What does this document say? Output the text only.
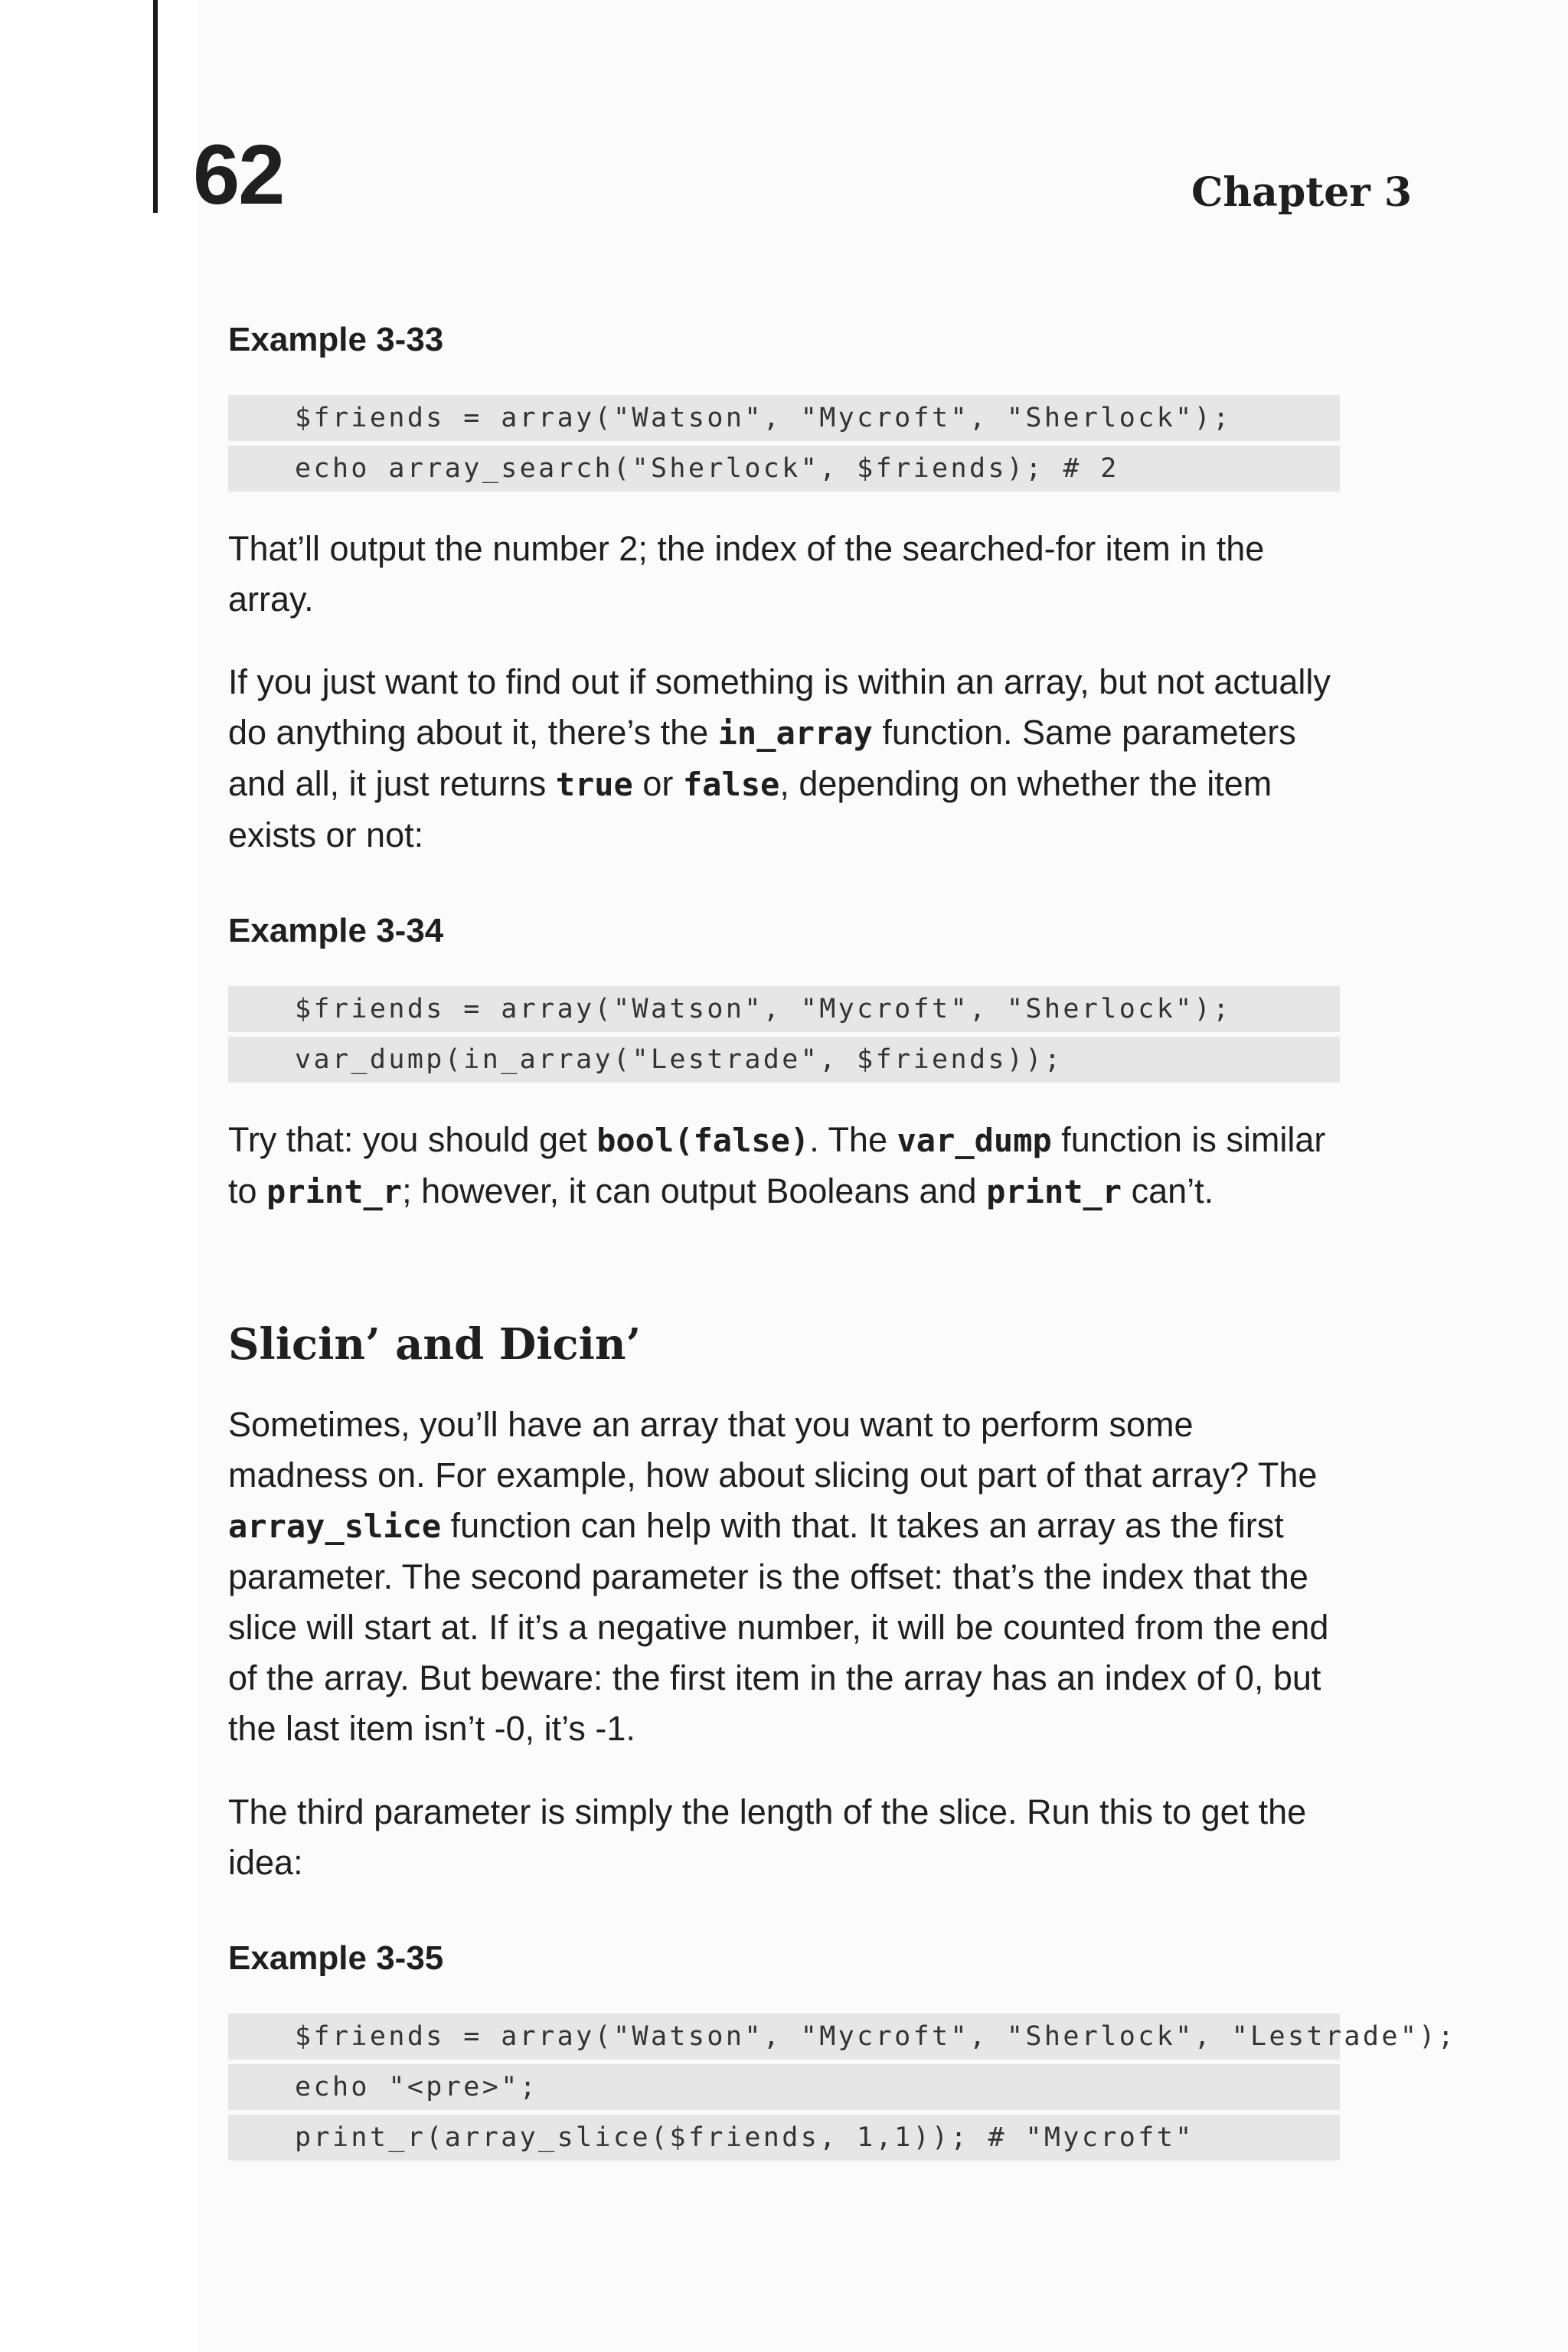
62	Chapter 3
Example 3-33
$friends = array("Watson", "Mycroft", "Sherlock");
echo array_search("Sherlock", $friends); # 2

That’ll output the number 2; the index of the searched-for item in the array.

If you just want to find out if something is within an array, but not actually do anything about it, there’s the in_array function. Same parameters and all, it just returns true or false, depending on whether the item exists or not:

Example 3-34
$friends = array("Watson", "Mycroft", "Sherlock");
var_dump(in_array("Lestrade", $friends));

Try that: you should get bool(false). The var_dump function is similar to print_r; however, it can output Booleans and print_r can’t.

Slicin’ and Dicin’

Sometimes, you’ll have an array that you want to perform some madness on. For example, how about slicing out part of that array? The array_slice function can help with that. It takes an array as the first parameter. The second parameter is the offset: that’s the index that the slice will start at. If it’s a negative number, it will be counted from the end of the array. But beware: the first item in the array has an index of 0, but the last item isn’t -0, it’s -1.

The third parameter is simply the length of the slice. Run this to get the idea:

Example 3-35
$friends = array("Watson", "Mycroft", "Sherlock", "Lestrade");
echo "<pre>";
print_r(array_slice($friends, 1,1)); # "Mycroft"
